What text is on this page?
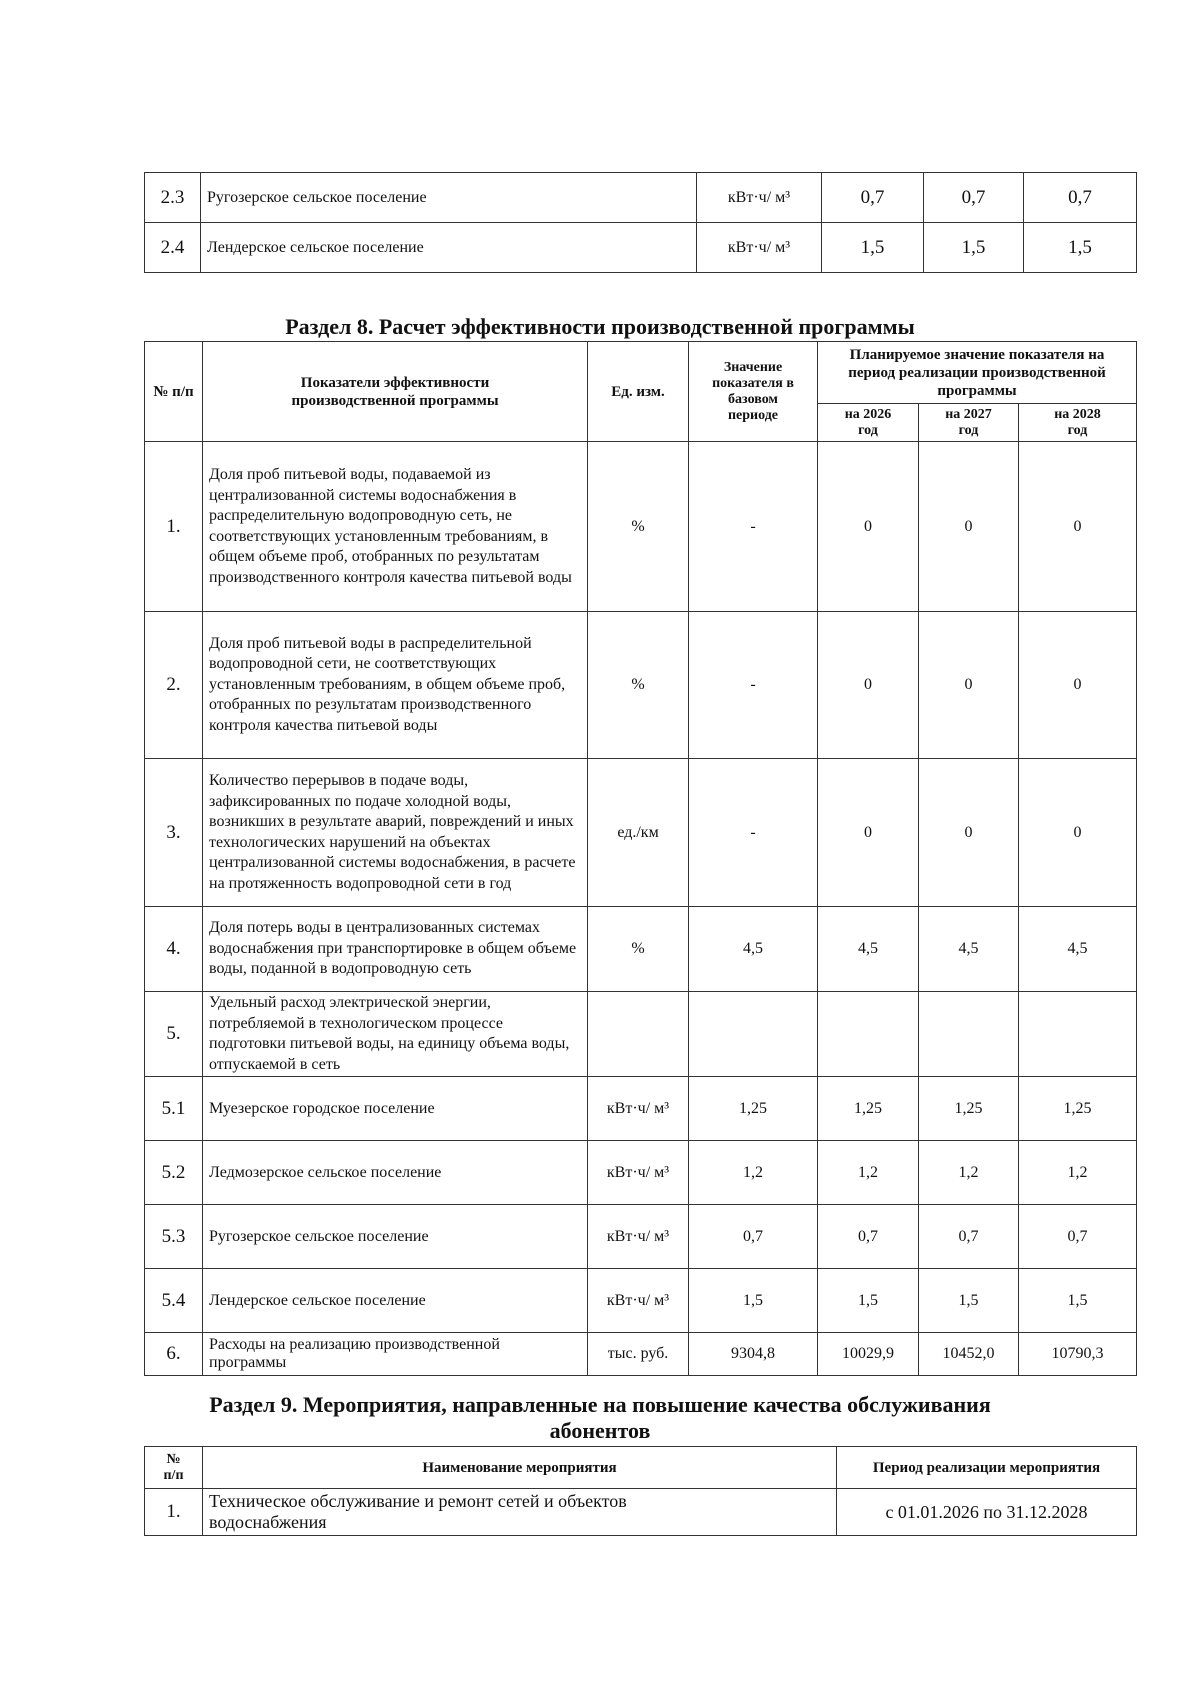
2.3	Ругозерское сельское поселение	кВт·ч/ м³	0,7	0,7	0,7
2.4	Лендерское сельское поселение	кВт·ч/ м³	1,5	1,5	1,5
Раздел 8. Расчет эффективности производственной программы
№ п/п	Показатели эффективности производственной программы	Ед. изм.	Значение показателя в базовом периоде	Планируемое значение показателя на период реализации производственной программы		
				на 2026 год	на 2027 год	на 2028 год
1.	Доля проб питьевой воды, подаваемой из централизованной системы водоснабжения в распределительную водопроводную сеть, не соответствующих установленным требованиям, в общем объеме проб, отобранных по результатам производственного контроля качества питьевой воды	%	-	0	0	0
2.	Доля проб питьевой воды в распределительной водопроводной сети, не соответствующих установленным требованиям, в общем объеме проб, отобранных по результатам производственного контроля качества питьевой воды	%	-	0	0	0
3.	Количество перерывов в подаче воды, зафиксированных по подаче холодной воды, возникших в результате аварий, повреждений и иных технологических нарушений на объектах централизованной системы водоснабжения, в расчете на протяженность водопроводной сети в год	ед./км	-	0	0	0
4.	Доля потерь воды в централизованных системах водоснабжения при транспортировке в общем объеме воды, поданной в водопроводную сеть	%	4,5	4,5	4,5	4,5
5.	Удельный расход электрической энергии, потребляемой в технологическом процессе подготовки питьевой воды, на единицу объема воды, отпускаемой в сеть					
5.1	Муезерское городское поселение	кВт·ч/ м³	1,25	1,25	1,25	1,25
5.2	Ледмозерское сельское поселение	кВт·ч/ м³	1,2	1,2	1,2	1,2
5.3	Ругозерское сельское поселение	кВт·ч/ м³	0,7	0,7	0,7	0,7
5.4	Лендерское сельское поселение	кВт·ч/ м³	1,5	1,5	1,5	1,5
6.	Расходы на реализацию производственной программы	тыс. руб.	9304,8	10029,9	10452,0	10790,3
Раздел 9. Мероприятия, направленные на повышение качества обслуживания абонентов
№ п/п	Наименование мероприятия	Период реализации мероприятия
1.	Техническое обслуживание и ремонт сетей и объектов водоснабжения	с 01.01.2026 по 31.12.2028
